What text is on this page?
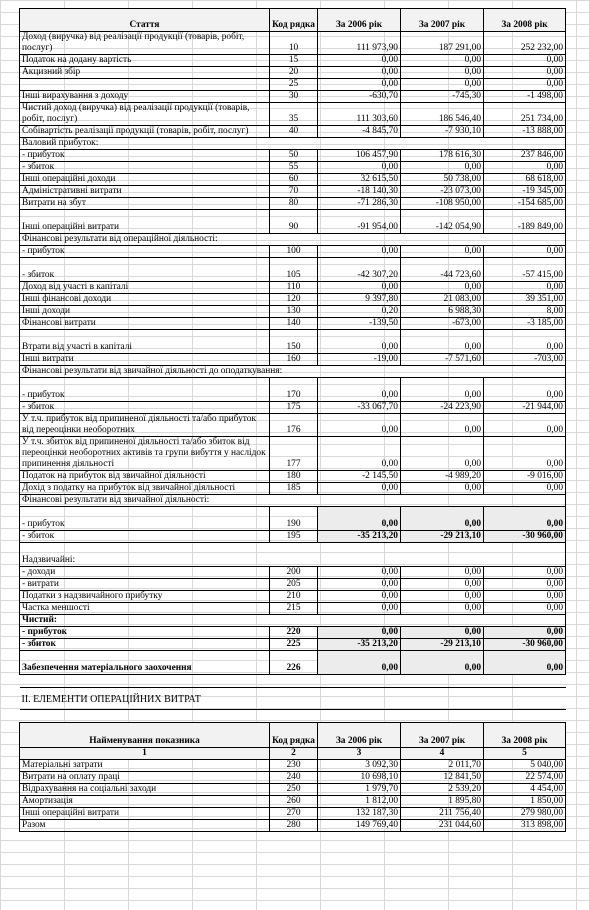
Стаття	Код рядка	За 2006 рік	За 2007 рік	За 2008 рік
Доход (виручка) від реалізації продукції (товарів, робіт, послуг)	10	111 973,90	187 291,00	252 232,00
Податок на додану вартість	15	0,00	0,00	0,00
Акцизний збір	20	0,00	0,00	0,00
	25	0,00	0,00	0,00
Інші вирахування з доходу	30	-630,70	-745,30	-1 498,00
Чистий доход (виручка) від реалізації продукції (товарів, робіт, послуг)	35	111 303,60	186 546,40	251 734,00
Собівартість реалізації продукції (товарів, робіт, послуг)	40	-4 845,70	-7 930,10	-13 888,00
Валовий прибуток:				
- прибуток	50	106 457,90	178 616,30	237 846,00
- збиток	55	0,00	0,00	0,00
Інші операційні доходи	60	32 615,50	50 738,00	68 618,00
Адміністративні витрати	70	-18 140,30	-23 073,00	-19 345,00
Витрати на збут	80	-71 286,30	-108 950,00	-154 685,00
Інші операційні витрати	90	-91 954,00	-142 054,90	-189 849,00
Фінансові результати від операційної діяльності:				
- прибуток	100	0,00	0,00	0,00
- збиток	105	-42 307,20	-44 723,60	-57 415,00
Доход від участі в капіталі	110	0,00	0,00	0,00
Інші фінансові доходи	120	9 397,80	21 083,00	39 351,00
Інші доходи	130	0,20	6 988,30	8,00
Фінансові витрати	140	-139,50	-673,00	-3 185,00
Втрати від участі в капіталі	150	0,00	0,00	0,00
Інші витрати	160	-19,00	-7 571,60	-703,00
Фінансові результати від звичайної діяльності до оподаткування:				
- прибуток	170	0,00	0,00	0,00
- збиток	175	-33 067,70	-24 223,90	-21 944,00
У т.ч. прибуток від припиненої діяльності та/або прибуток від переоцінки необоротних	176	0,00	0,00	0,00
У т.ч. збиток від припиненої діяльності та/або збиток від переоцінки необоротних активів та групи вибуття у наслідок припинення діяльності	177	0,00	0,00	0,00
Податок на прибуток від звичайної діяльності	180	-2 145,50	-4 989,20	-9 016,00
Дохід з податку на прибуток від звичайної діяльності	185	0,00	0,00	0,00
Фінансові результати від звичайної діяльності:				
- прибуток	190	0,00	0,00	0,00
- збиток	195	-35 213,20	-29 213,10	-30 960,00
Надзвичайні:				
- доходи	200	0,00	0,00	0,00
- витрати	205	0,00	0,00	0,00
Податки з надзвичайного прибутку	210	0,00	0,00	0,00
Частка меншості	215	0,00	0,00	0,00
Чистий:				
- прибуток	220	0,00	0,00	0,00
- збиток	225	-35 213,20	-29 213,10	-30 960,00
Забезпечення матеріального заохочення	226	0,00	0,00	0,00

II. ЕЛЕМЕНТИ ОПЕРАЦІЙНИХ ВИТРАТ				

Найменування показника	Код рядка	За 2006 рік	За 2007 рік	За 2008 рік
1	2	3	4	5
Матеріальні затрати	230	3 092,30	2 011,70	5 040,00
Витрати на оплату праці	240	10 698,10	12 841,50	22 574,00
Відрахування на соціальні заходи	250	1 979,70	2 539,20	4 454,00
Амортизація	260	1 812,00	1 895,80	1 850,00
Інші операційні витрати	270	132 187,30	211 756,40	279 980,00
Разом	280	149 769,40	231 044,60	313 898,00
